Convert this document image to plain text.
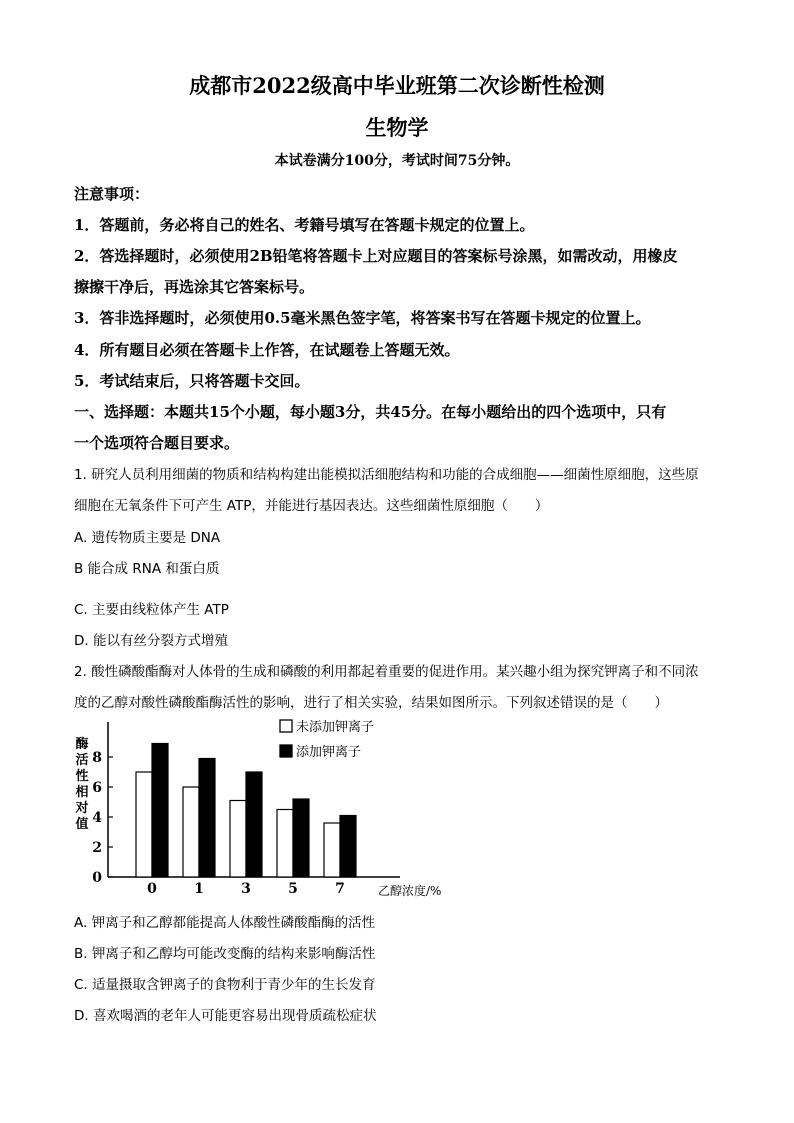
成都市2022级高中毕业班第二次诊断性检测
生物学
本试卷满分100分，考试时间75分钟。
注意事项：
1．答题前，务必将自己的姓名、考籍号填写在答题卡规定的位置上。
2．答选择题时，必须使用2B铅笔将答题卡上对应题目的答案标号涂黑，如需改动，用橡皮
擦擦干净后，再选涂其它答案标号。
3．答非选择题时，必须使用0.5毫米黑色签字笔，将答案书写在答题卡规定的位置上。
4．所有题目必须在答题卡上作答，在试题卷上答题无效。
5．考试结束后，只将答题卡交回。
一、选择题：本题共15个小题，每小题3分，共45分。在每小题给出的四个选项中，只有
一个选项符合题目要求。
1. 研究人员利用细菌的物质和结构构建出能模拟活细胞结构和功能的合成细胞——细菌性原细胞，这些原
细胞在无氧条件下可产生 ATP，并能进行基因表达。这些细菌性原细胞（　　）
A. 遗传物质主要是 DNA
B 能合成 RNA 和蛋白质
C. 主要由线粒体产生 ATP
D. 能以有丝分裂方式增殖
2. 酸性磷酸酯酶对人体骨的生成和磷酸的利用都起着重要的促进作用。某兴趣小组为探究钾离子和不同浓
度的乙醇对酸性磷酸酯酶活性的影响，进行了相关实验，结果如图所示。下列叙述错误的是（　　）
酶活性相对值
0
2
4
6
8
0	1	3	5	7	乙醇浓度/%
未添加钾离子
添加钾离子
A. 钾离子和乙醇都能提高人体酸性磷酸酯酶的活性
B. 钾离子和乙醇均可能改变酶的结构来影响酶活性
C. 适量摄取含钾离子的食物利于青少年的生长发育
D. 喜欢喝酒的老年人可能更容易出现骨质疏松症状
